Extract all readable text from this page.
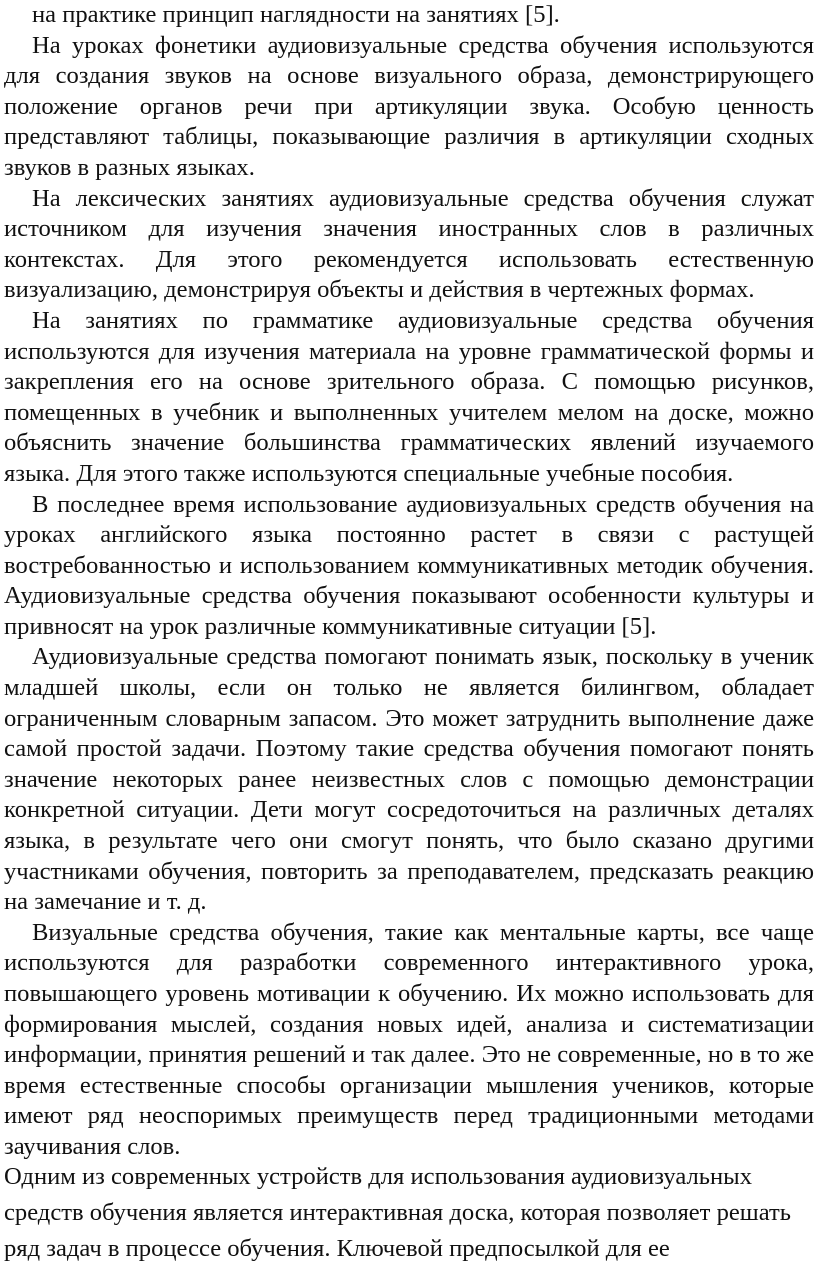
на практике принцип наглядности на занятиях [5].

На уроках фонетики аудиовизуальные средства обучения используются для создания звуков на основе визуального образа, демонстрирующего положение органов речи при артикуляции звука. Особую ценность представляют таблицы, показывающие различия в артикуляции сходных звуков в разных языках.

На лексических занятиях аудиовизуальные средства обучения служат источником для изучения значения иностранных слов в различных контекстах. Для этого рекомендуется использовать естественную визуализацию, демонстрируя объекты и действия в чертежных формах.

На занятиях по грамматике аудиовизуальные средства обучения используются для изучения материала на уровне грамматической формы и закрепления его на основе зрительного образа. С помощью рисунков, помещенных в учебник и выполненных учителем мелом на доске, можно объяснить значение большинства грамматических явлений изучаемого языка. Для этого также используются специальные учебные пособия.

В последнее время использование аудиовизуальных средств обучения на уроках английского языка постоянно растет в связи с растущей востребованностью и использованием коммуникативных методик обучения. Аудиовизуальные средства обучения показывают особенности культуры и привносят на урок различные коммуникативные ситуации [5].

Аудиовизуальные средства помогают понимать язык, поскольку в ученик младшей школы, если он только не является билингвом, обладает ограниченным словарным запасом. Это может затруднить выполнение даже самой простой задачи. Поэтому такие средства обучения помогают понять значение некоторых ранее неизвестных слов с помощью демонстрации конкретной ситуации. Дети могут сосредоточиться на различных деталях языка, в результате чего они смогут понять, что было сказано другими участниками обучения, повторить за преподавателем, предсказать реакцию на замечание и т. д.

Визуальные средства обучения, такие как ментальные карты, все чаще используются для разработки современного интерактивного урока, повышающего уровень мотивации к обучению. Их можно использовать для формирования мыслей, создания новых идей, анализа и систематизации информации, принятия решений и так далее. Это не современные, но в то же время естественные способы организации мышления учеников, которые имеют ряд неоспоримых преимуществ перед традиционными методами заучивания слов.

Одним из современных устройств для использования аудиовизуальных средств обучения является интерактивная доска, которая позволяет решать ряд задач в процессе обучения. Ключевой предпосылкой для ее
